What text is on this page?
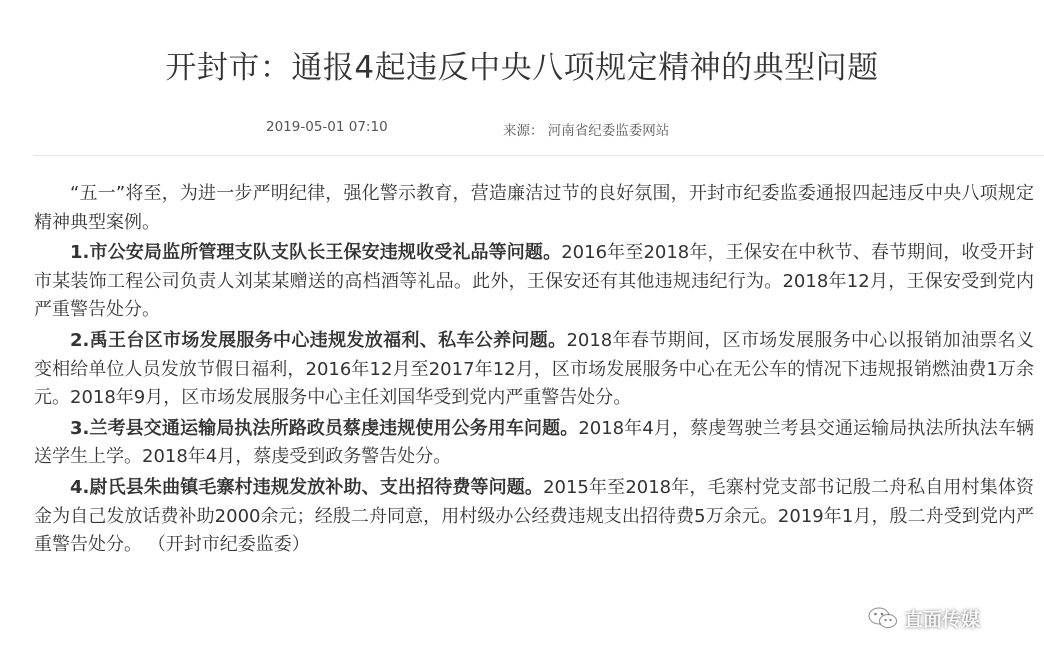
开封市：通报4起违反中央八项规定精神的典型问题
2019-05-01 07:10	来源： 河南省纪委监委网站

“五一”将至，为进一步严明纪律，强化警示教育，营造廉洁过节的良好氛围，开封市纪委监委通报四起违反中央八项规定精神典型案例。

1.市公安局监所管理支队支队长王保安违规收受礼品等问题。2016年至2018年，王保安在中秋节、春节期间，收受开封市某装饰工程公司负责人刘某某赠送的高档酒等礼品。此外，王保安还有其他违规违纪行为。2018年12月，王保安受到党内严重警告处分。

2.禹王台区市场发展服务中心违规发放福利、私车公养问题。2018年春节期间，区市场发展服务中心以报销加油票名义变相给单位人员发放节假日福利，2016年12月至2017年12月，区市场发展服务中心在无公车的情况下违规报销燃油费1万余元。2018年9月，区市场发展服务中心主任刘国华受到党内严重警告处分。

3.兰考县交通运输局执法所路政员蔡虔违规使用公务用车问题。2018年4月，蔡虔驾驶兰考县交通运输局执法所执法车辆送学生上学。2018年4月，蔡虔受到政务警告处分。

4.尉氏县朱曲镇毛寨村违规发放补助、支出招待费等问题。2015年至2018年，毛寨村党支部书记殷二舟私自用村集体资金为自己发放话费补助2000余元；经殷二舟同意，用村级办公经费违规支出招待费5万余元。2019年1月，殷二舟受到党内严重警告处分。 （开封市纪委监委）

直面传媒
